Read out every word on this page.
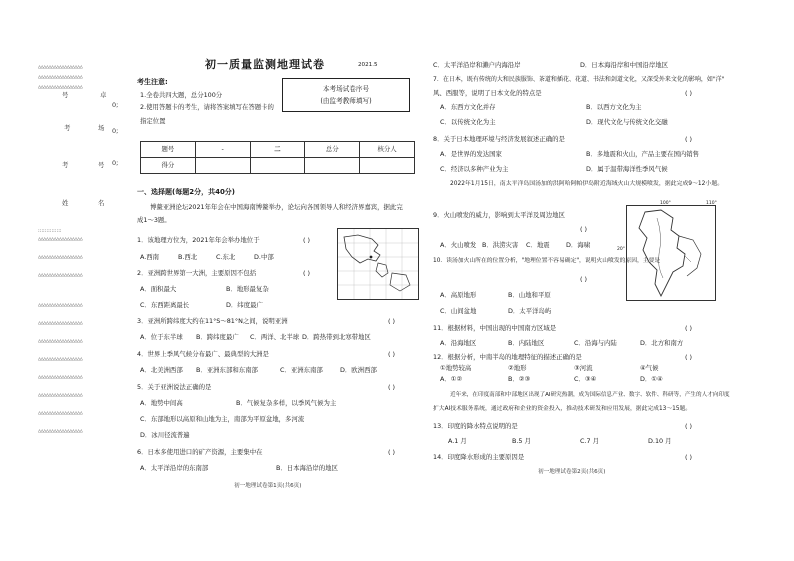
号	卓
0;
考	场 0;
考	号 0;
姓	名
△△△△△△△△△△△△△△△△△
△△△△△△△△△△△△△△△△△
△△△△△△△△△△△△△△△△△
△△△△△△△△△△△△△△△△△
△△△△△△△△△△△△△△△△△
△△△△△△△△△△△△△△△△△
△△△△△△△△△△△△△△△△△
△△△△△△△△△△△△△△△△△
△△△△△△△△△△△△△△△△△
△△△△△△△△△△△△△△△△△
△△△△△△△△△△△△△△△△△
△△△△△△△△△△△△△△△△△
△△△△△△△△△△△△△△△△△
△△△△△△△△△△△△△△△△△
::::::::::::::
初一质量监测地理试卷	2021.5
考生注意:
1.全卷共四大题，总分100分
2.使用答题卡的考生，请将答案填写在答题卡的
指定位置
本考场试卷序号
(由监考教师填写)
题号	-	二	总分	核分人
得分				
一、选择题(每题2分，共40分)
博鳌亚洲论坛2021年年会在中国海南博鳌举办，论坛向各国领导人和经济界嘉宾，据此完
成1～3题。
1．该地理方位为，2021年年会举办地位于	( )
A.西南	B.西北	C.东北	D.中部
2．亚洲跨世界第一大洲，主要原因不包括	( )
A．面积最大	B．地形最复杂
C．东西距离最长	D．纬度最广
3．亚洲所跨纬度大约在11°S～81°N之间，说明亚洲	( )
A．位于东半球 B．跨纬度最广 C．两洋、北半球 D．跨热带到北寒带地区
4．世界上季风气候分布最广、最典型的大洲是	( )
A．北美洲西部 B．亚洲东部和东南部	C．亚洲东南部	D．欧洲西部
5．关于亚洲说法正确的是	( )
A．地势中间高	B．气候复杂多样，以季风气候为主
C．东部地形以高原和山地为主，南部为平原盆地，多河流
D．冰川径流普遍
6．日本多使用进口的矿产资源，主要集中在	( )
A．太平洋沿岸的东南部	B．日本海沿岸的地区
初一地理试卷第1页(共6页)
C．太平洋沿岸和濑户内海沿岸	D．日本海沿岸和中国沿岸地区
7．在日本，既有传统的大和民族服饰、茶道和插花、花道、书法和剑道文化，又深受外来文化的影响，如"洋"
风、西服等，说明了日本文化的特点是	( )
A．东西方文化并存	B．以西方文化为主
C．以传统文化为主	D．现代文化与传统文化交融
8．关于日本地理环境与经济发展叙述正确的是	( )
A．是世界的发达国家	B．多地震和火山，产品主要在国内销售
C．经济以多种产业为主	D．属于温带海洋性季风气候
2022年1月15日，南太平洋岛国汤加的洪阿哈阿帕伊岛附近海域火山大规模喷发，据此完成9～12小题。
100°	110°
20°
9．火山喷发的威力，影响到太平洋及周边地区
( )
A．火山喷发 B．洪涝灾害 C．地震	D．海啸
10．读汤加火山所在的位置分析，"地理位置不容易确定"，说明火山喷发的原因，主要是
( )
A．高原地形	B．山地和平原
C．山间盆地	D．太平洋岛屿
11．根据材料，中国出现的中国南方区域是	( )
A．沿海地区	B．内陆地区	C．沿海与内陆	D．北方和南方
12．根据分析，中南半岛的地理特征的描述正确的是	( )
①地势较高	②地形	③河流	④气候
A．①②	B．②③	C．③④	D．①④
近年来，在印度南部和中部地区出现了AI研究热潮，成为国际信息产业、数字、软件、科研等，产生的人才向印度
扩大AI技术服务系统，通过政府和企业的资金投入，推动技术研发和应用发展，据此完成13～15题。
13．印度的降水特点说明的是	( )
A.1 月	B.5 月	C.7 月	D.10 月
14．印度降水形成的主要原因是	( )
初一地理试卷第2页(共6页)
